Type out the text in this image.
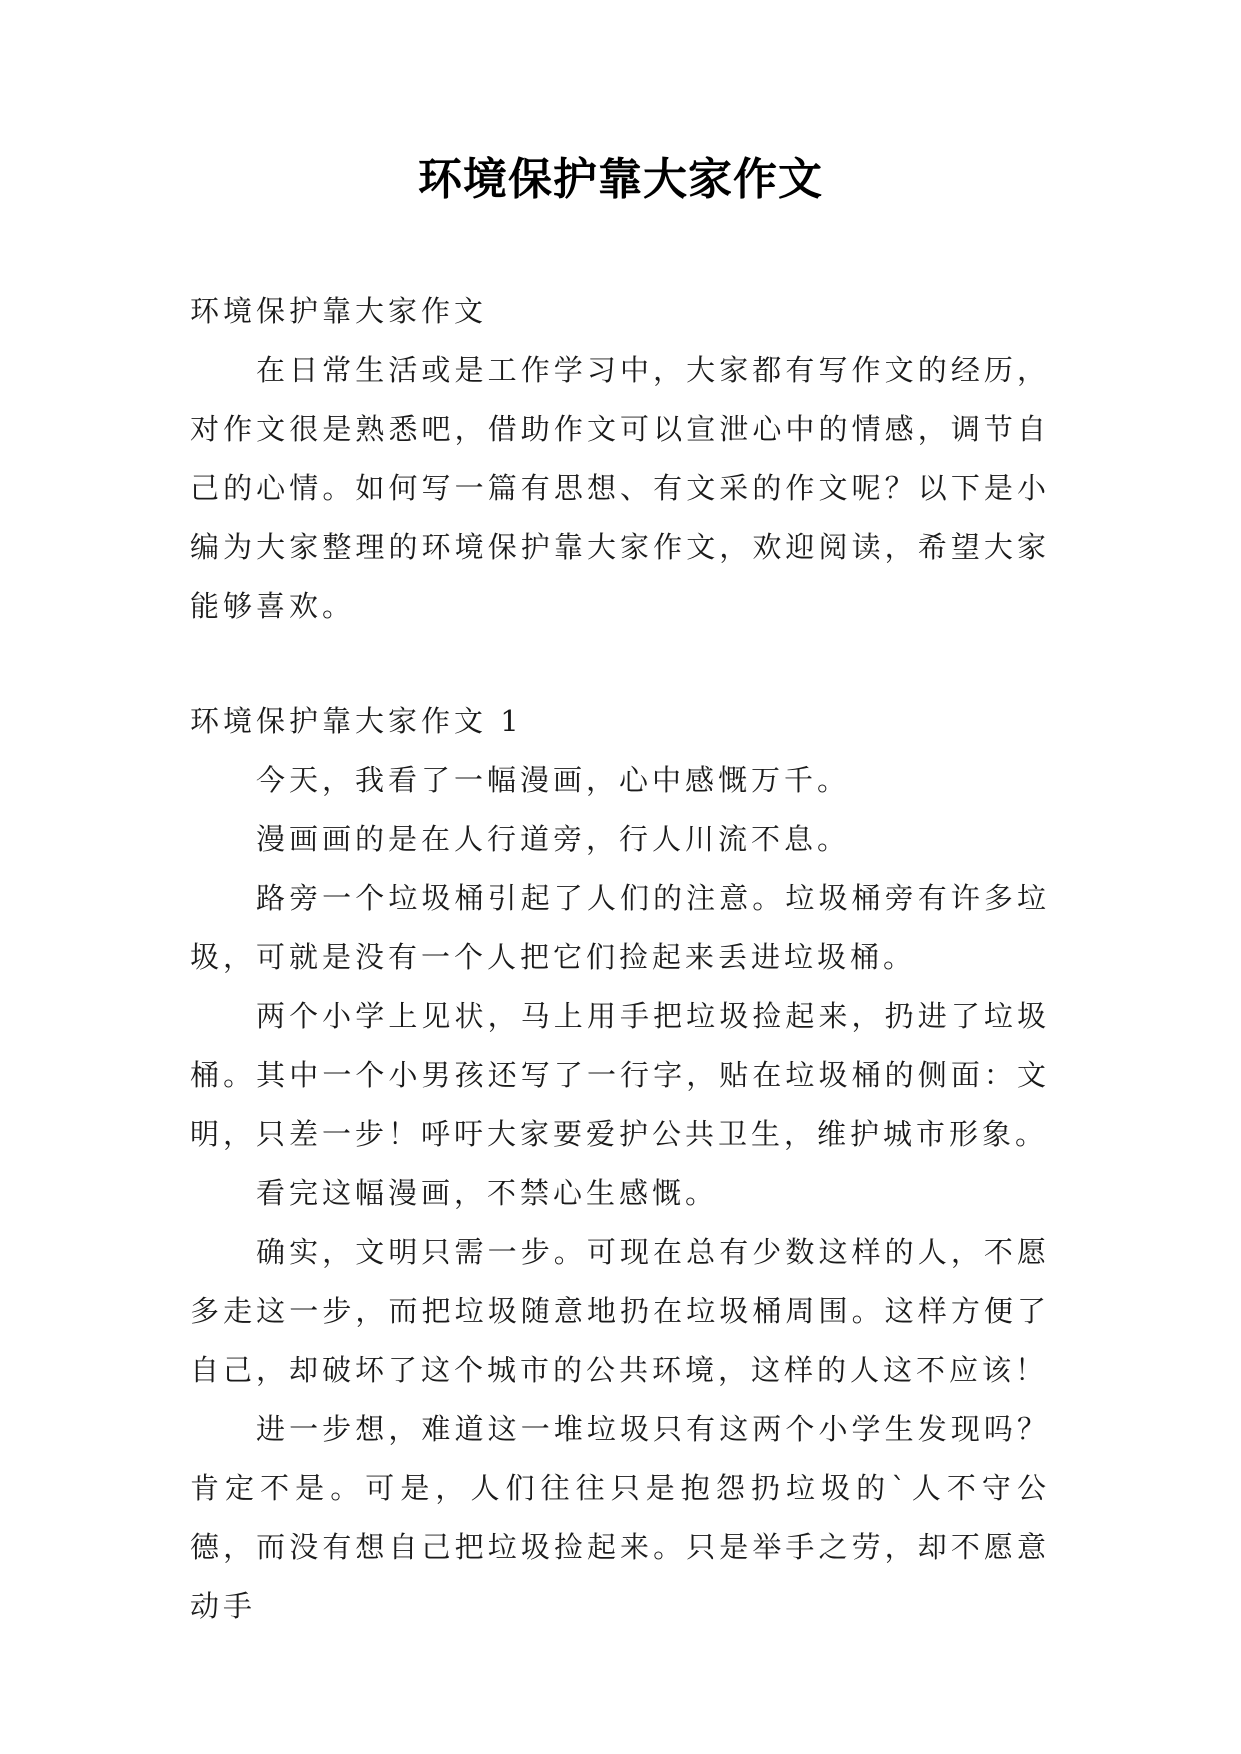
环境保护靠大家作文

环境保护靠大家作文

在日常生活或是工作学习中，大家都有写作文的经历，对作文很是熟悉吧，借助作文可以宣泄心中的情感，调节自己的心情。如何写一篇有思想、有文采的作文呢？以下是小编为大家整理的环境保护靠大家作文，欢迎阅读，希望大家能够喜欢。

环境保护靠大家作文 1

今天，我看了一幅漫画，心中感慨万千。

漫画画的是在人行道旁，行人川流不息。

路旁一个垃圾桶引起了人们的注意。垃圾桶旁有许多垃圾，可就是没有一个人把它们捡起来丢进垃圾桶。

两个小学上见状，马上用手把垃圾捡起来，扔进了垃圾桶。其中一个小男孩还写了一行字，贴在垃圾桶的侧面：文明，只差一步！呼吁大家要爱护公共卫生，维护城市形象。

看完这幅漫画，不禁心生感慨。

确实，文明只需一步。可现在总有少数这样的人，不愿多走这一步，而把垃圾随意地扔在垃圾桶周围。这样方便了自己，却破坏了这个城市的公共环境，这样的人这不应该！

进一步想，难道这一堆垃圾只有这两个小学生发现吗？肯定不是。可是，人们往往只是抱怨扔垃圾的`人不守公德，而没有想自己把垃圾捡起来。只是举手之劳，却不愿意动手
